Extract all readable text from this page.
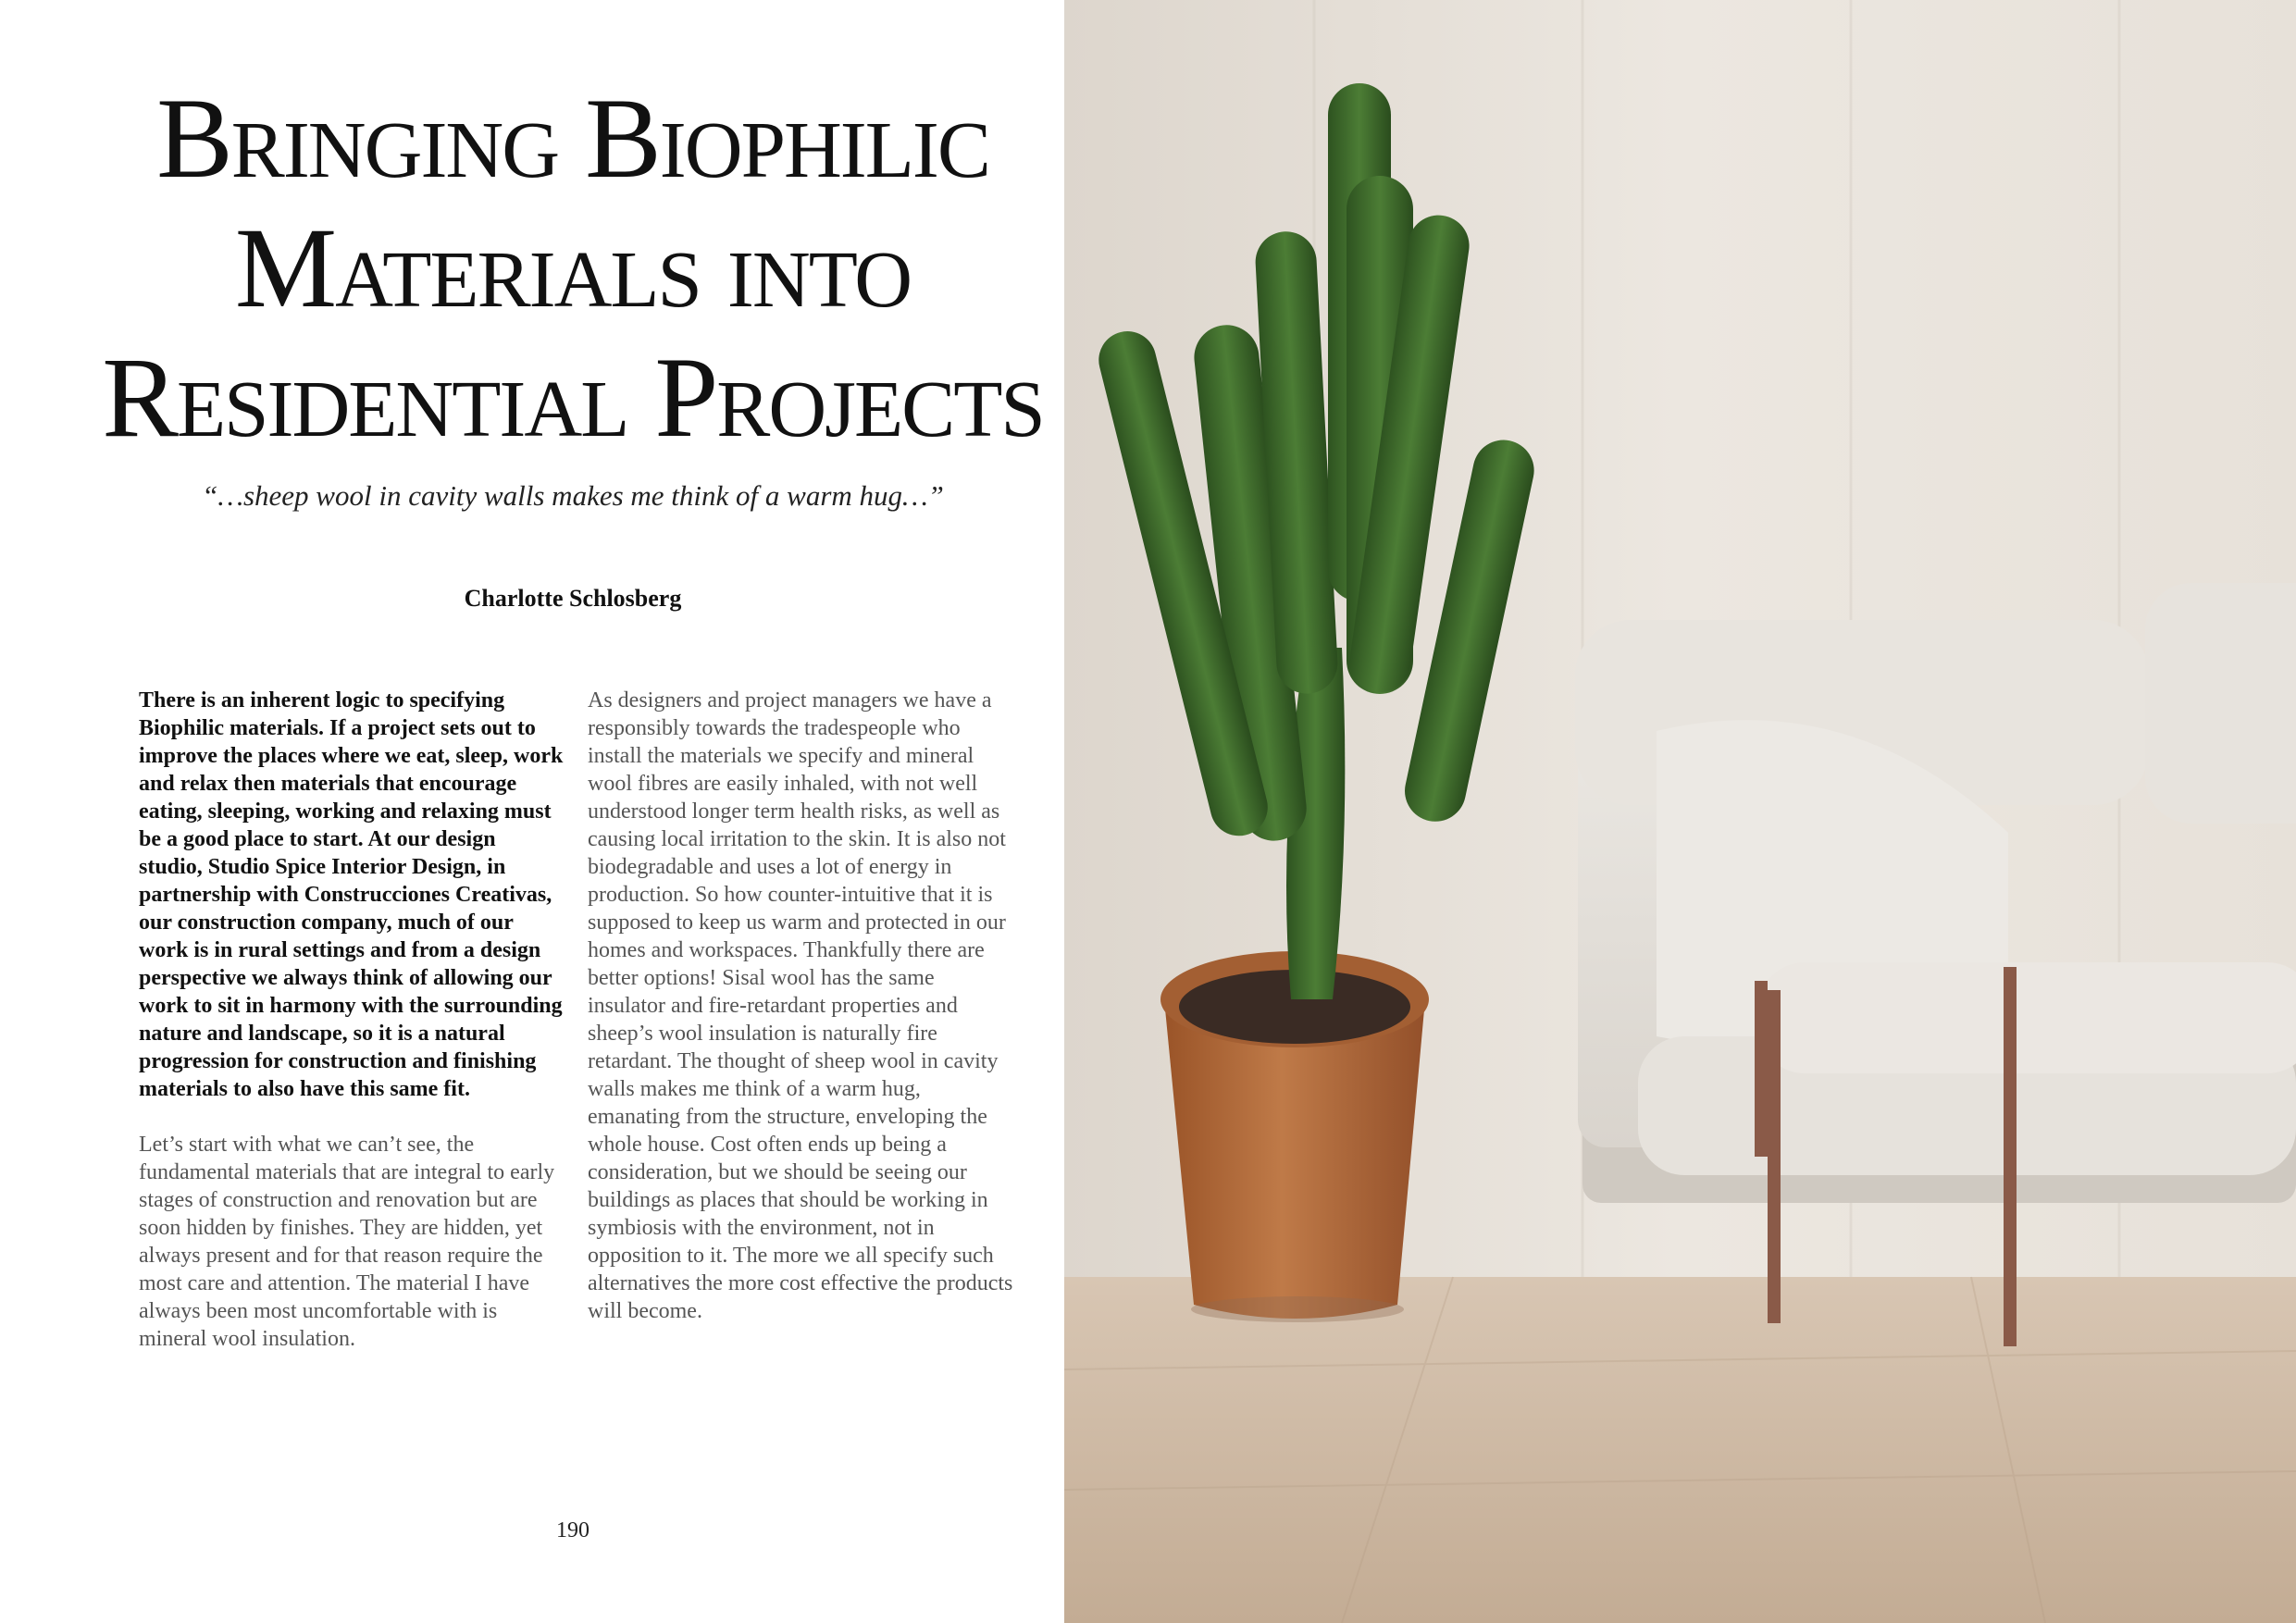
Bringing Biophilic
Materials into
Residential Projects
“…sheep wool in cavity walls makes me think of a warm hug…”
Charlotte Schlosberg

There is an inherent logic to specifying Biophilic materials. If a project sets out to improve the places where we eat, sleep, work and relax then materials that encourage eating, sleeping, working and relaxing must be a good place to start. At our design studio, Studio Spice Interior Design, in partnership with Construcciones Creativas, our construction company, much of our work is in rural settings and from a design perspective we always think of allowing our work to sit in harmony with the surrounding nature and landscape, so it is a natural progression for construction and finishing materials to also have this same fit.

Let’s start with what we can’t see, the fundamental materials that are integral to early stages of construction and renovation but are soon hidden by finishes. They are hidden, yet always present and for that reason require the most care and attention. The material I have always been most uncomfortable with is mineral wool insulation.

As designers and project managers we have a responsibly towards the tradespeople who install the materials we specify and mineral wool fibres are easily inhaled, with not well understood longer term health risks, as well as causing local irritation to the skin. It is also not biodegradable and uses a lot of energy in production. So how counter-intuitive that it is supposed to keep us warm and protected in our homes and workspaces. Thankfully there are better options! Sisal wool has the same insulator and fire-retardant properties and sheep’s wool insulation is naturally fire retardant. The thought of sheep wool in cavity walls makes me think of a warm hug, emanating from the structure, enveloping the whole house. Cost often ends up being a consideration, but we should be seeing our buildings as places that should be working in symbiosis with the environment, not in opposition to it. The more we all specify such alternatives the more cost effective the products will become.

190
